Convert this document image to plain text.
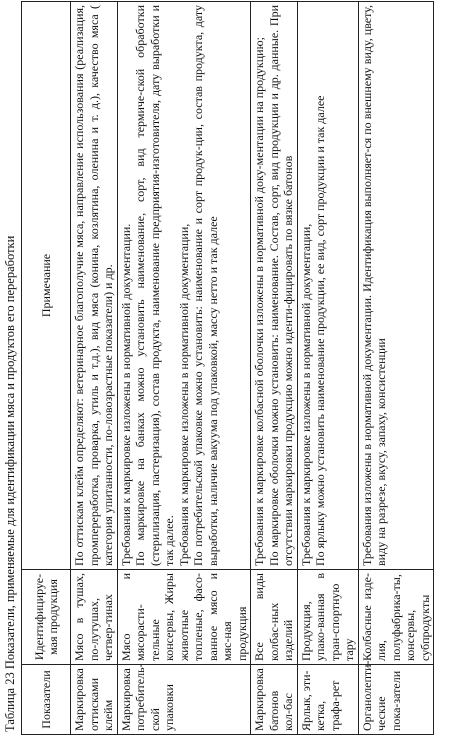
Таблица 23 Показатели, применяемые для идентификации мяса и продуктов его переработки Показатели	Идентифицируе-мая продукция	Примечание
Маркировка оттисками клейм	Мясо в тушах, по-лутушах, четвер-тинах	По оттискам клейм определяют: ветеринарное благополучие мяса, направление использования (реализация, промпереработка, проварка, утиль и т.д.), вид мяса (конина, козлятина, оленина и т. д.), качество мяса ( категория упитанности, по-ловозрастные показатели) и др.

Маркировка потребитель-ской упаковки	Мясо и мясорасти-тельные консервы, Жиры животные топленые, фасо-ванное мясо и мяс-ная продукция	Требования к маркировке изложены в нормативной документации. По маркировке на банках можно установить наименование, сорт, вид термиче-ской обработки (стерилизация, пастеризация), состав продукта, наименование предприятия-изготовителя, дату выработки и так далее. Требования к маркировке изложены в нормативной документации, По потребительской упаковке можно установить: наименование и сорт продук-ции, состав продукта, дату выработки, наличие вакуума под упаковкой, массу нетто и так далее

Маркировка батонов кол-бас	Все виды колбас-ных изделий	Требования к маркировке колбасной оболочки изложены в нормативной доку-ментации на продукцию; По маркировке оболочки можно установить: наименование. Состав, сорт, вид продукции и др. данные. При отсутствии маркировки продукцию можно иденти-фицировать по вязке батонов

Ярлык, эти-кетка, трафа-рет	Продукция, упако-ванная в тран-спортную тару	Требования к маркировке изложены в нормативной документации, По ярлыку можно установить наименование продукции, ее вид, сорт продукции и так далее

Органолепти-ческие пока-затели	Колбасные изде-лия, полуфабрика-ты, консервы, субпродукты	Требования изложены в нормативной документации. Идентификация выполняет-ся по внешнему виду, цвету, виду на разрезе, вкусу, запаху, консистенции
